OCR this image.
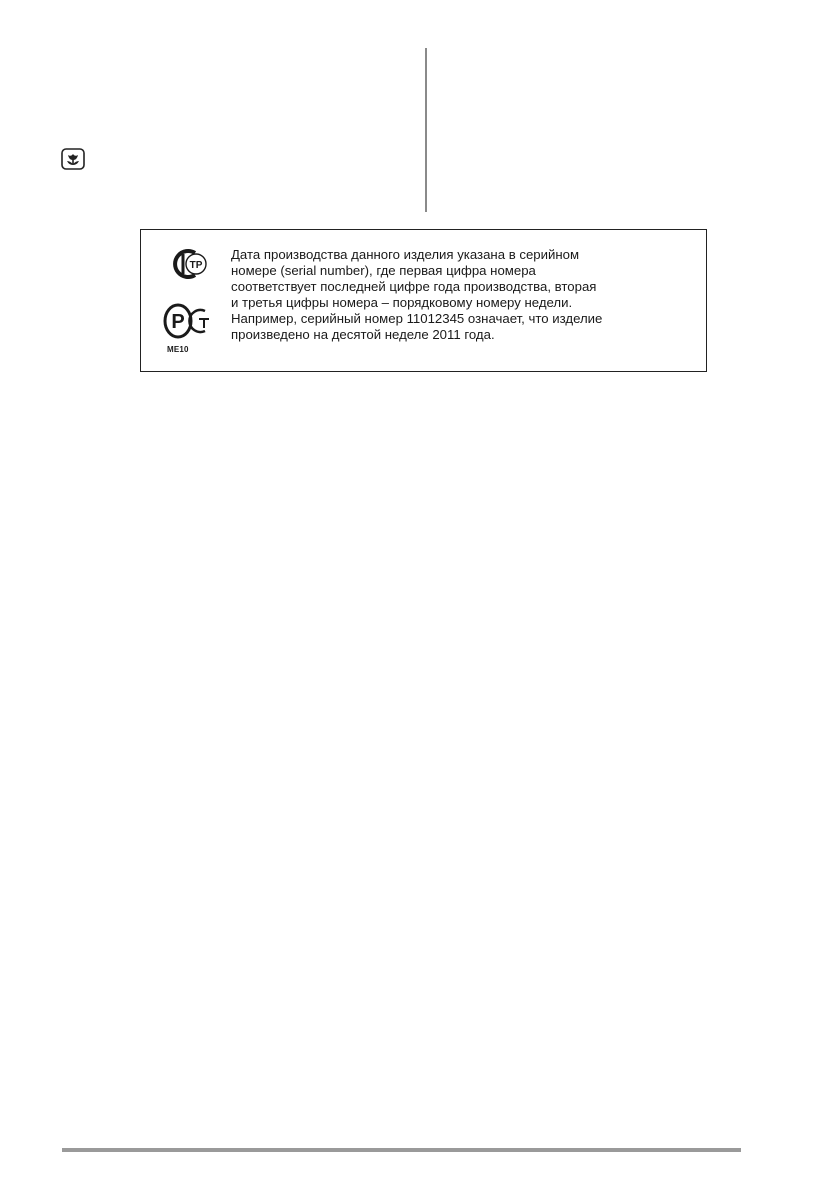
ТР
Р
ME10

Дата производства данного изделия указана в серийном
номере (serial number), где первая цифра номера
соответствует последней цифре года производства, вторая
и третья цифры номера – порядковому номеру недели.
Например, серийный номер 11012345 означает, что изделие
произведено на десятой неделе 2011 года.
